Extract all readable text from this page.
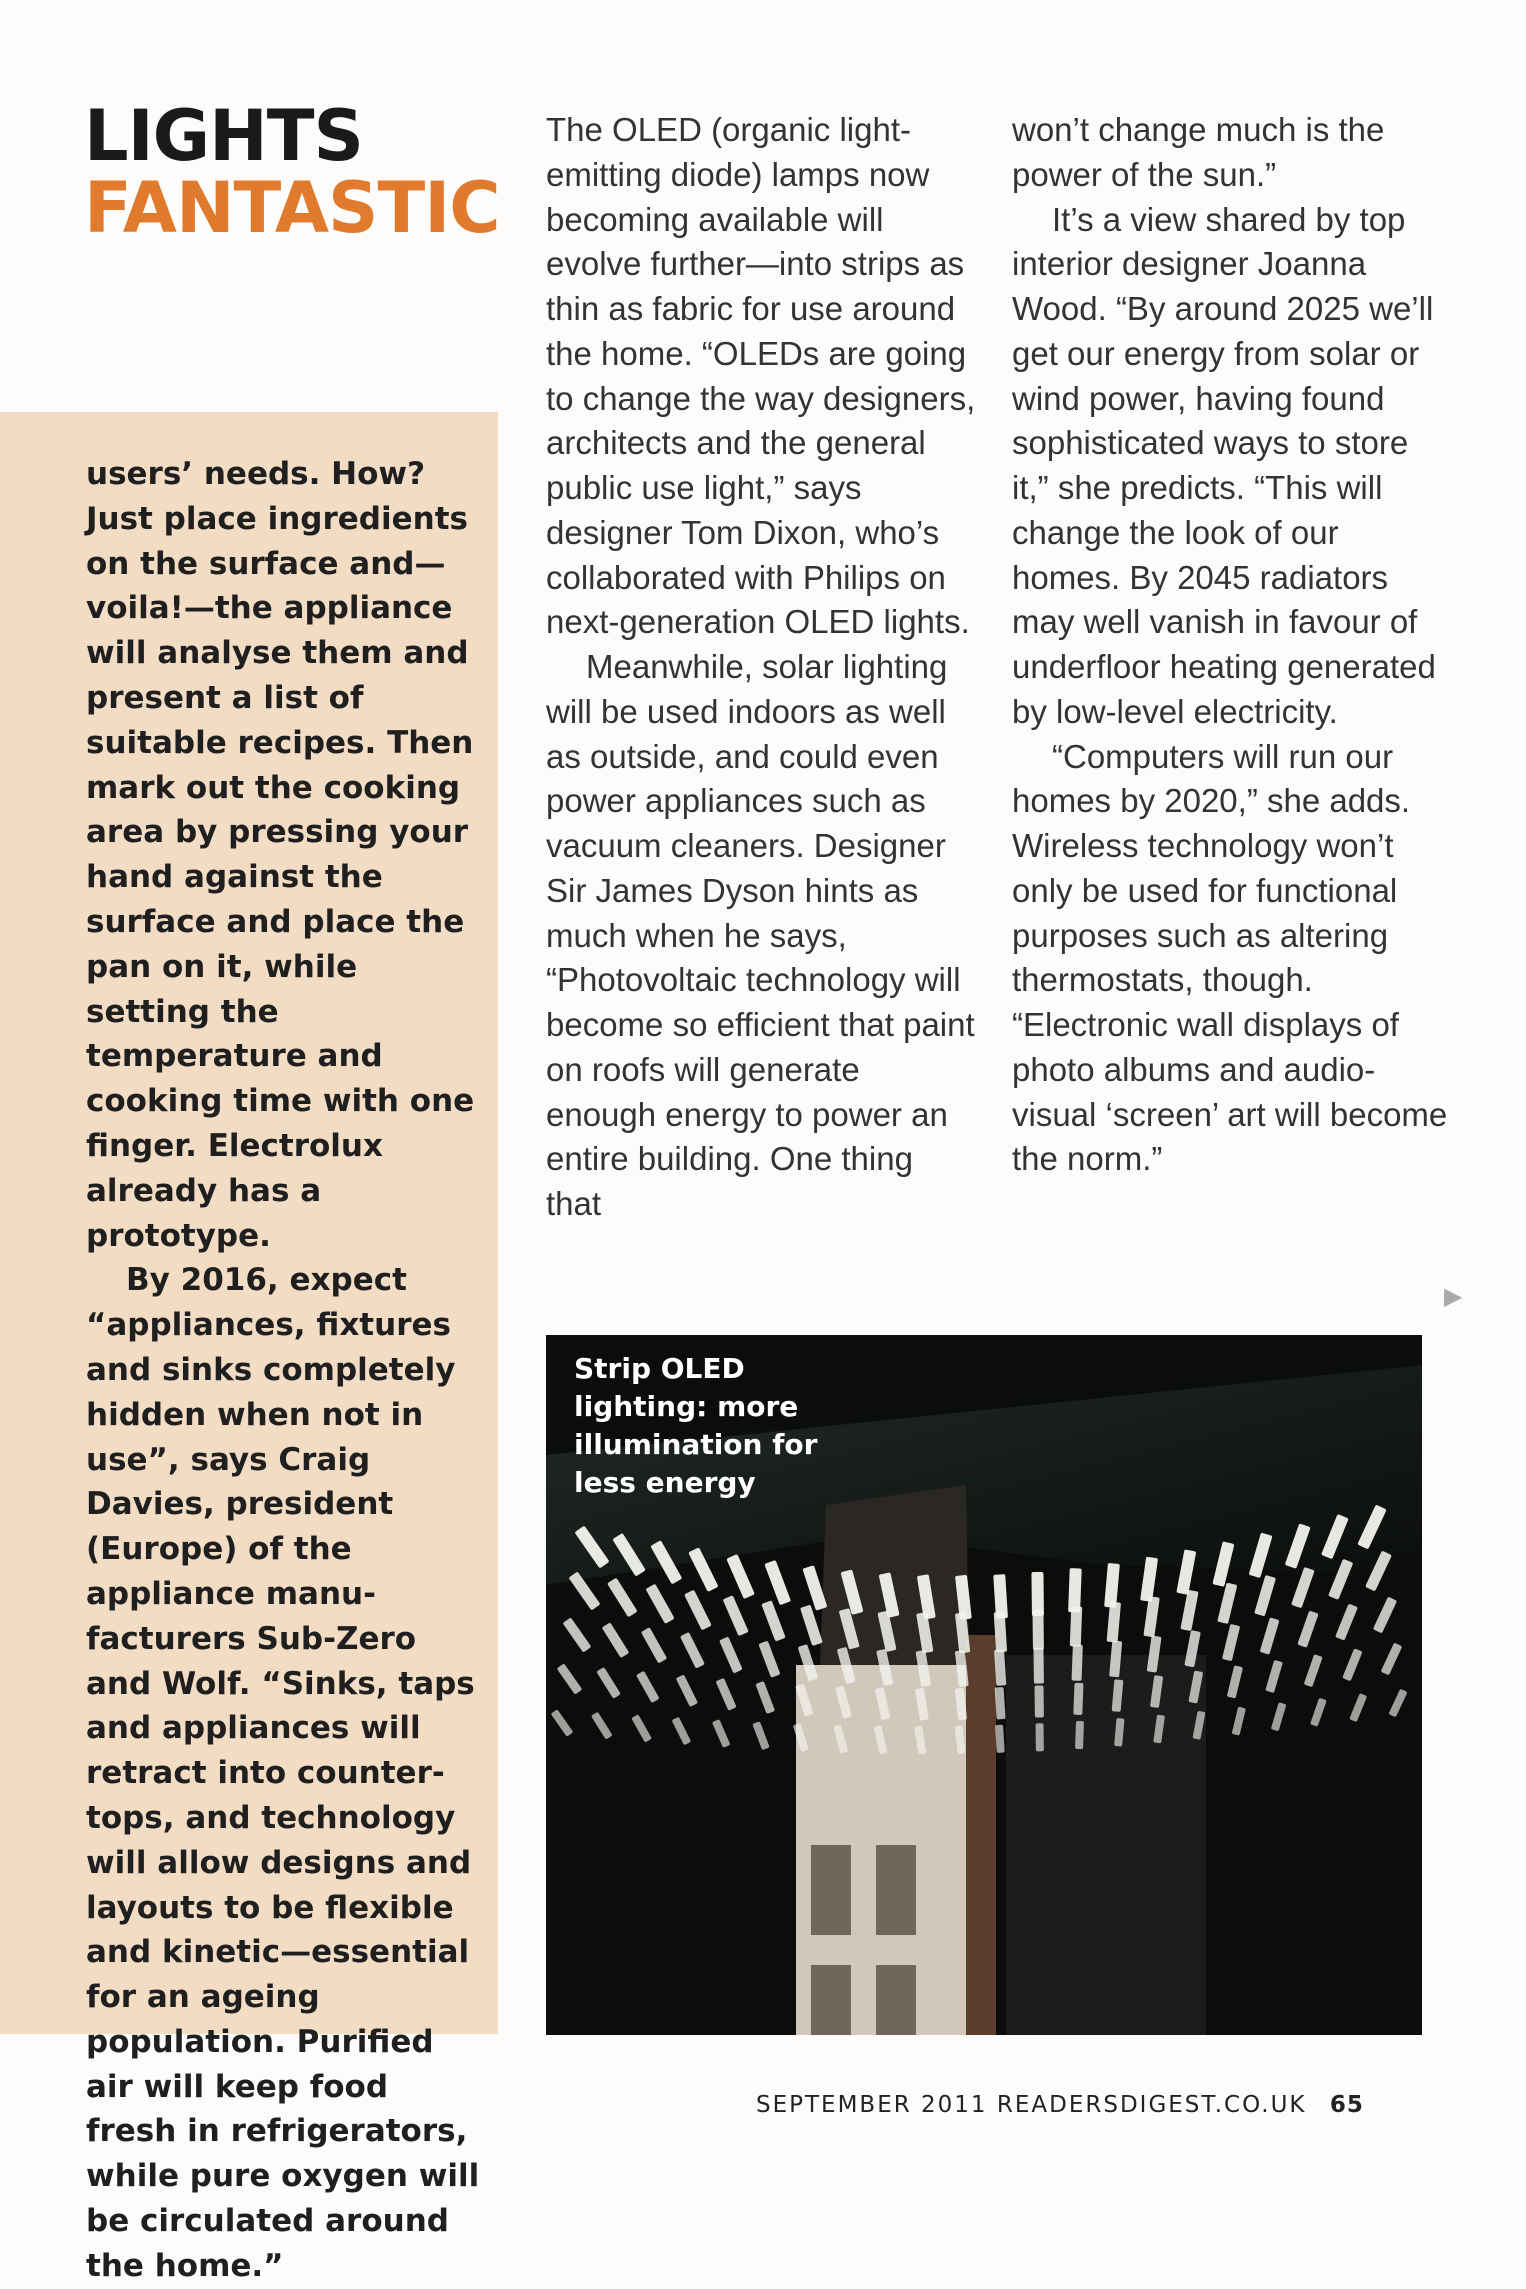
LIGHTS
FANTASTIC

users’ needs. How? Just place ingredients on the surface and—voila!—the appliance will analyse them and present a list of suitable recipes. Then mark out the cooking area by pressing your hand against the surface and place the pan on it, while setting the temperature and cooking time with one finger. Electrolux already has a prototype.

By 2016, expect “appliances, fixtures and sinks completely hidden when not in use”, says Craig Davies, president (Europe) of the appliance manu-facturers Sub-Zero and Wolf. “Sinks, taps and appliances will retract into counter-tops, and technology will allow designs and layouts to be flexible and kinetic—essential for an ageing population. Purified air will keep food fresh in refrigerators, while pure oxygen will be circulated around the home.”

The OLED (organic light-emitting diode) lamps now becoming available will evolve further—into strips as thin as fabric for use around the home. “OLEDs are going to change the way designers, architects and the general public use light,” says designer Tom Dixon, who’s collaborated with Philips on next-generation OLED lights.

Meanwhile, solar lighting will be used indoors as well as outside, and could even power appliances such as vacuum cleaners. Designer Sir James Dyson hints as much when he says, “Photovoltaic technology will become so efficient that paint on roofs will generate enough energy to power an entire building. One thing that

won’t change much is the power of the sun.”

It’s a view shared by top interior designer Joanna Wood. “By around 2025 we’ll get our energy from solar or wind power, having found sophisticated ways to store it,” she predicts. “This will change the look of our homes. By 2045 radiators may well vanish in favour of underfloor heating generated by low-level electricity.

“Computers will run our homes by 2020,” she adds. Wireless technology won’t only be used for functional purposes such as altering thermostats, though. “Electronic wall displays of photo albums and audio-visual ‘screen’ art will become the norm.”

▶

Strip OLED lighting: more illumination for less energy

SEPTEMBER 2011 READERSDIGEST.CO.UK 65
